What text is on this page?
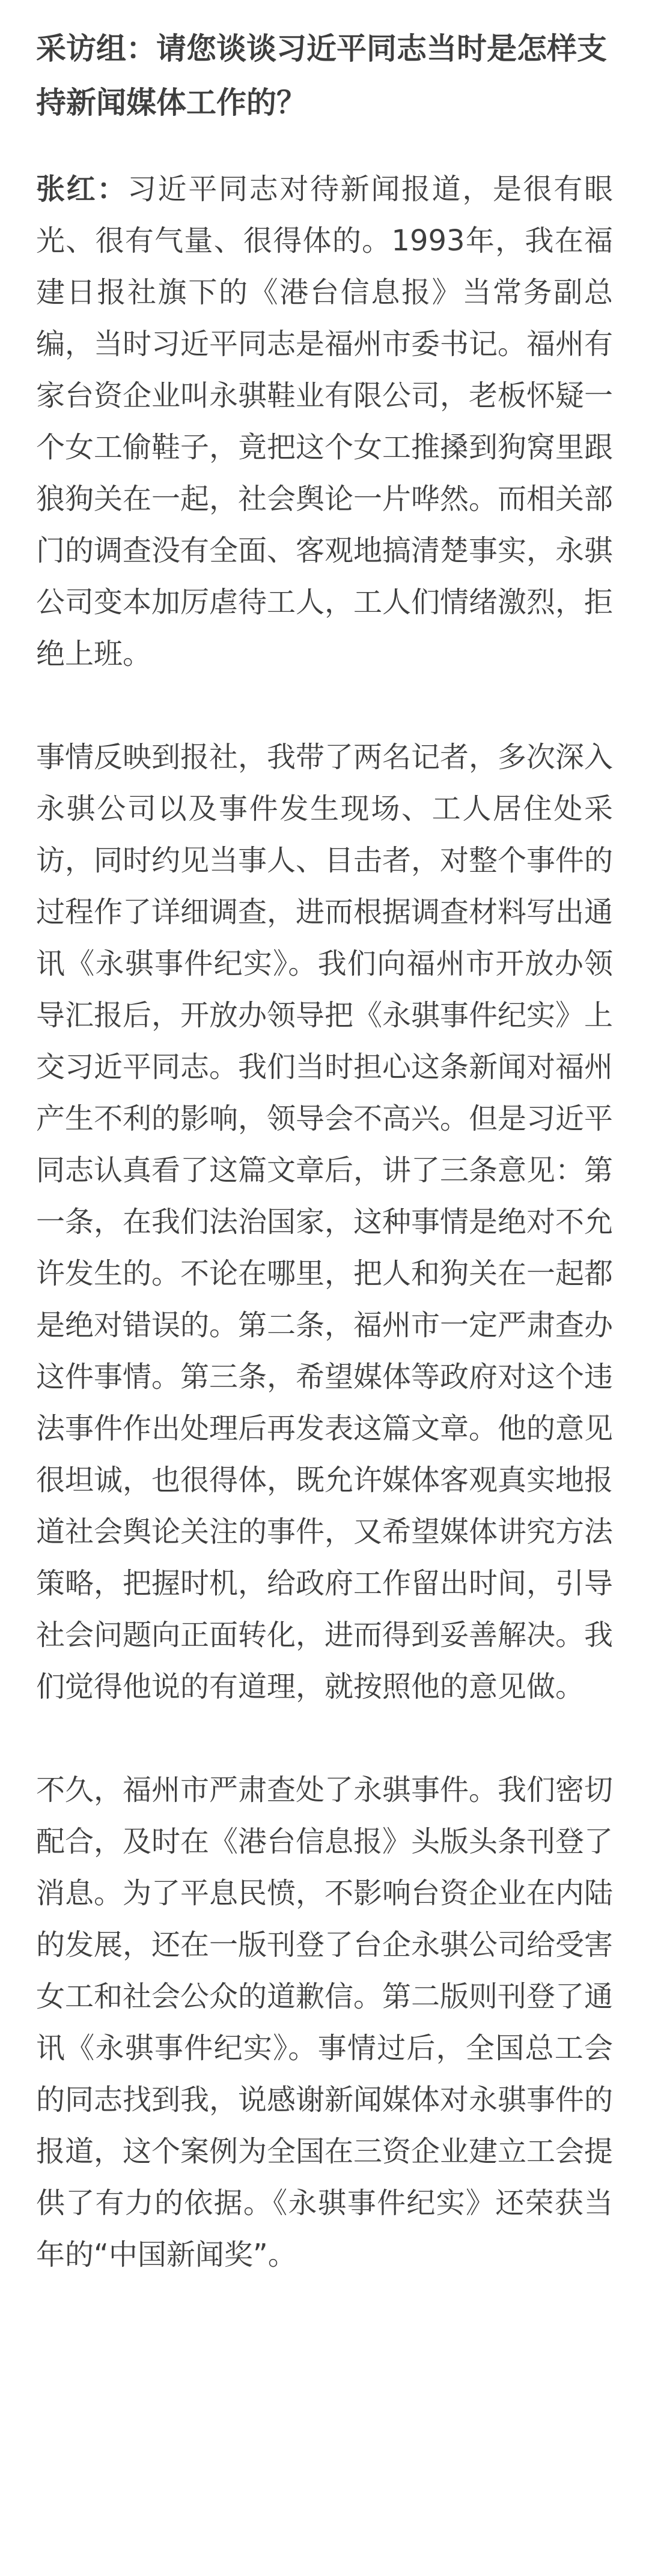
采访组：请您谈谈习近平同志当时是怎样支持新闻媒体工作的？

张红：习近平同志对待新闻报道，是很有眼光、很有气量、很得体的。1993年，我在福建日报社旗下的《港台信息报》当常务副总编，当时习近平同志是福州市委书记。福州有家台资企业叫永骐鞋业有限公司，老板怀疑一个女工偷鞋子，竟把这个女工推搡到狗窝里跟狼狗关在一起，社会舆论一片哗然。而相关部门的调查没有全面、客观地搞清楚事实，永骐公司变本加厉虐待工人，工人们情绪激烈，拒绝上班。

事情反映到报社，我带了两名记者，多次深入永骐公司以及事件发生现场、工人居住处采访，同时约见当事人、目击者，对整个事件的过程作了详细调查，进而根据调查材料写出通讯《永骐事件纪实》。我们向福州市开放办领导汇报后，开放办领导把《永骐事件纪实》上交习近平同志。我们当时担心这条新闻对福州产生不利的影响，领导会不高兴。但是习近平同志认真看了这篇文章后，讲了三条意见：第一条，在我们法治国家，这种事情是绝对不允许发生的。不论在哪里，把人和狗关在一起都是绝对错误的。第二条，福州市一定严肃查办这件事情。第三条，希望媒体等政府对这个违法事件作出处理后再发表这篇文章。他的意见很坦诚，也很得体，既允许媒体客观真实地报道社会舆论关注的事件，又希望媒体讲究方法策略，把握时机，给政府工作留出时间，引导社会问题向正面转化，进而得到妥善解决。我们觉得他说的有道理，就按照他的意见做。

不久，福州市严肃查处了永骐事件。我们密切配合，及时在《港台信息报》头版头条刊登了消息。为了平息民愤，不影响台资企业在内陆的发展，还在一版刊登了台企永骐公司给受害女工和社会公众的道歉信。第二版则刊登了通讯《永骐事件纪实》。事情过后，全国总工会的同志找到我，说感谢新闻媒体对永骐事件的报道，这个案例为全国在三资企业建立工会提供了有力的依据。《永骐事件纪实》还荣获当年的“中国新闻奖”。
